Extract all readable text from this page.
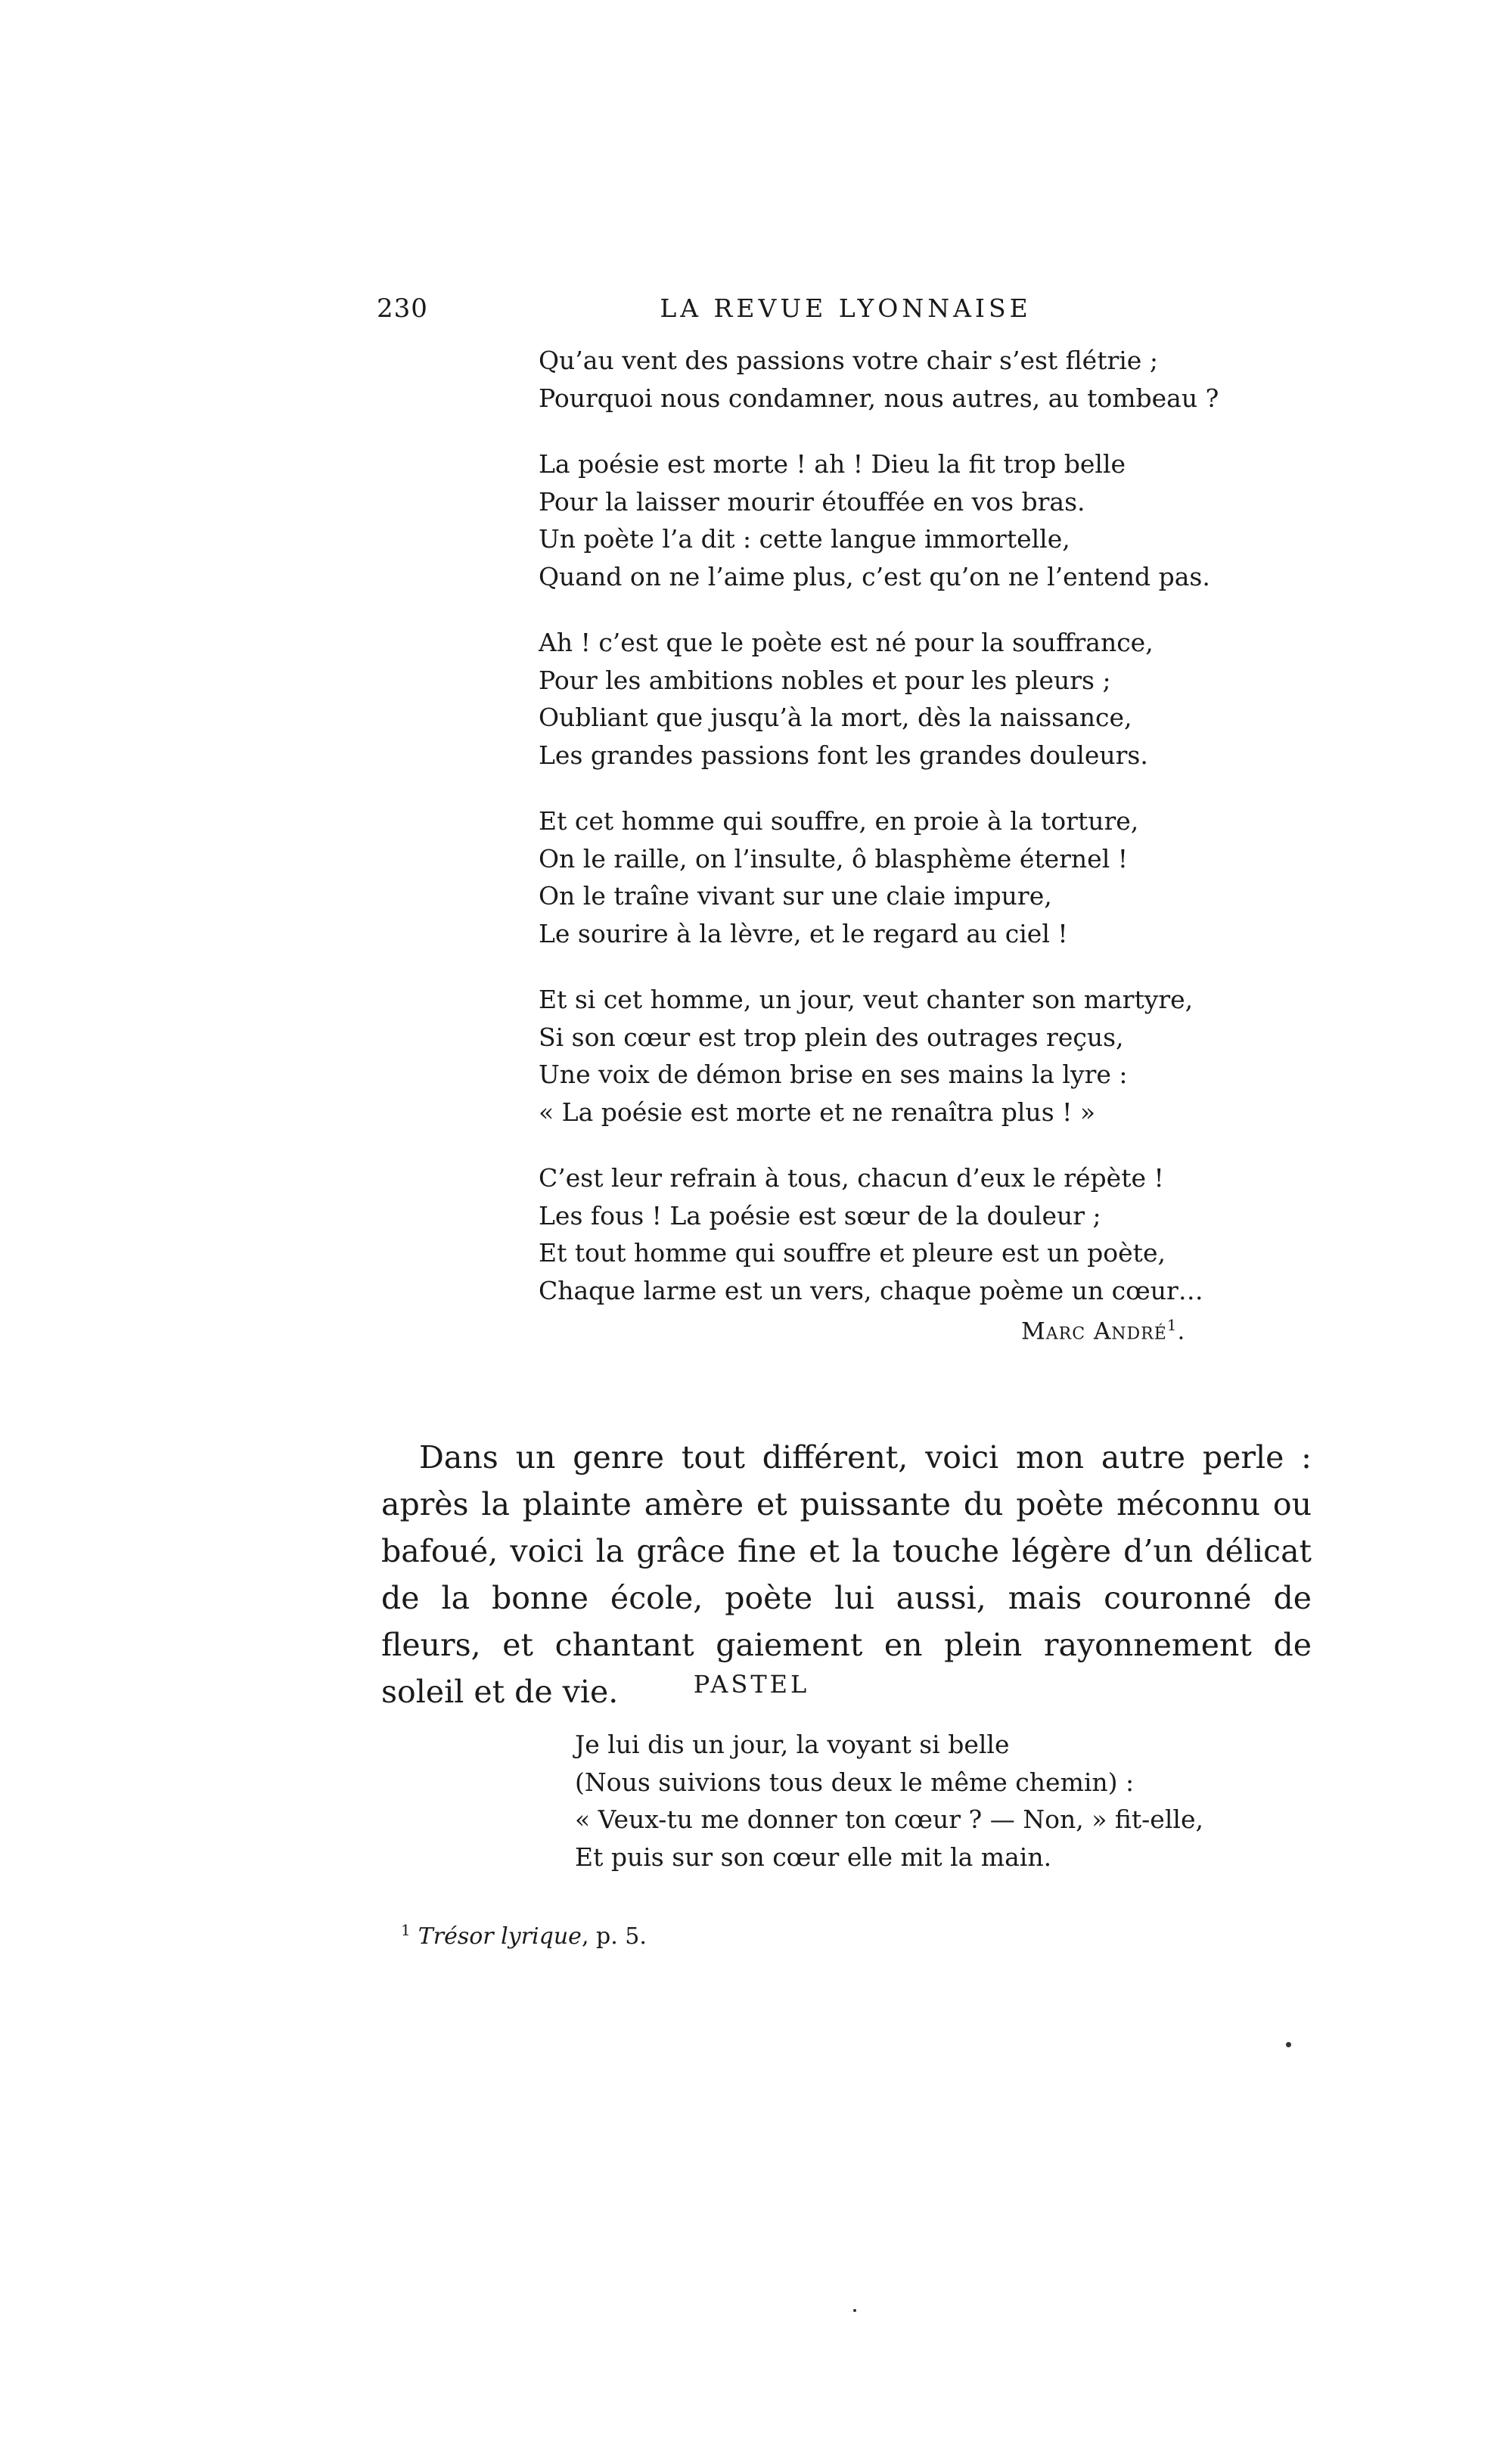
230	LA REVUE LYONNAISE
Qu’au vent des passions votre chair s’est flétrie ;
Pourquoi nous condamner, nous autres, au tombeau ?
La poésie est morte ! ah ! Dieu la fit trop belle
Pour la laisser mourir étouffée en vos bras.
Un poète l’a dit : cette langue immortelle,
Quand on ne l’aime plus, c’est qu’on ne l’entend pas.
Ah ! c’est que le poète est né pour la souffrance,
Pour les ambitions nobles et pour les pleurs ;
Oubliant que jusqu’à la mort, dès la naissance,
Les grandes passions font les grandes douleurs.
Et cet homme qui souffre, en proie à la torture,
On le raille, on l’insulte, ô blasphème éternel !
On le traîne vivant sur une claie impure,
Le sourire à la lèvre, et le regard au ciel !
Et si cet homme, un jour, veut chanter son martyre,
Si son cœur est trop plein des outrages reçus,
Une voix de démon brise en ses mains la lyre :
« La poésie est morte et ne renaîtra plus ! »
C’est leur refrain à tous, chacun d’eux le répète !
Les fous ! La poésie est sœur de la douleur ;
Et tout homme qui souffre et pleure est un poète,
Chaque larme est un vers, chaque poème un cœur…
Marc André$^1$.

Dans un genre tout différent, voici mon autre perle : après la plainte amère et puissante du poète méconnu ou bafoué, voici la grâce fine et la touche légère d’un délicat de la bonne école, poète lui aussi, mais couronné de fleurs, et chantant gaiement en plein rayonnement de soleil et de vie.	PASTEL
Je lui dis un jour, la voyant si belle
(Nous suivions tous deux le même chemin) :
« Veux-tu me donner ton cœur ? — Non, » fit-elle,
Et puis sur son cœur elle mit la main.
$^1$ Trésor lyrique, p. 5.
